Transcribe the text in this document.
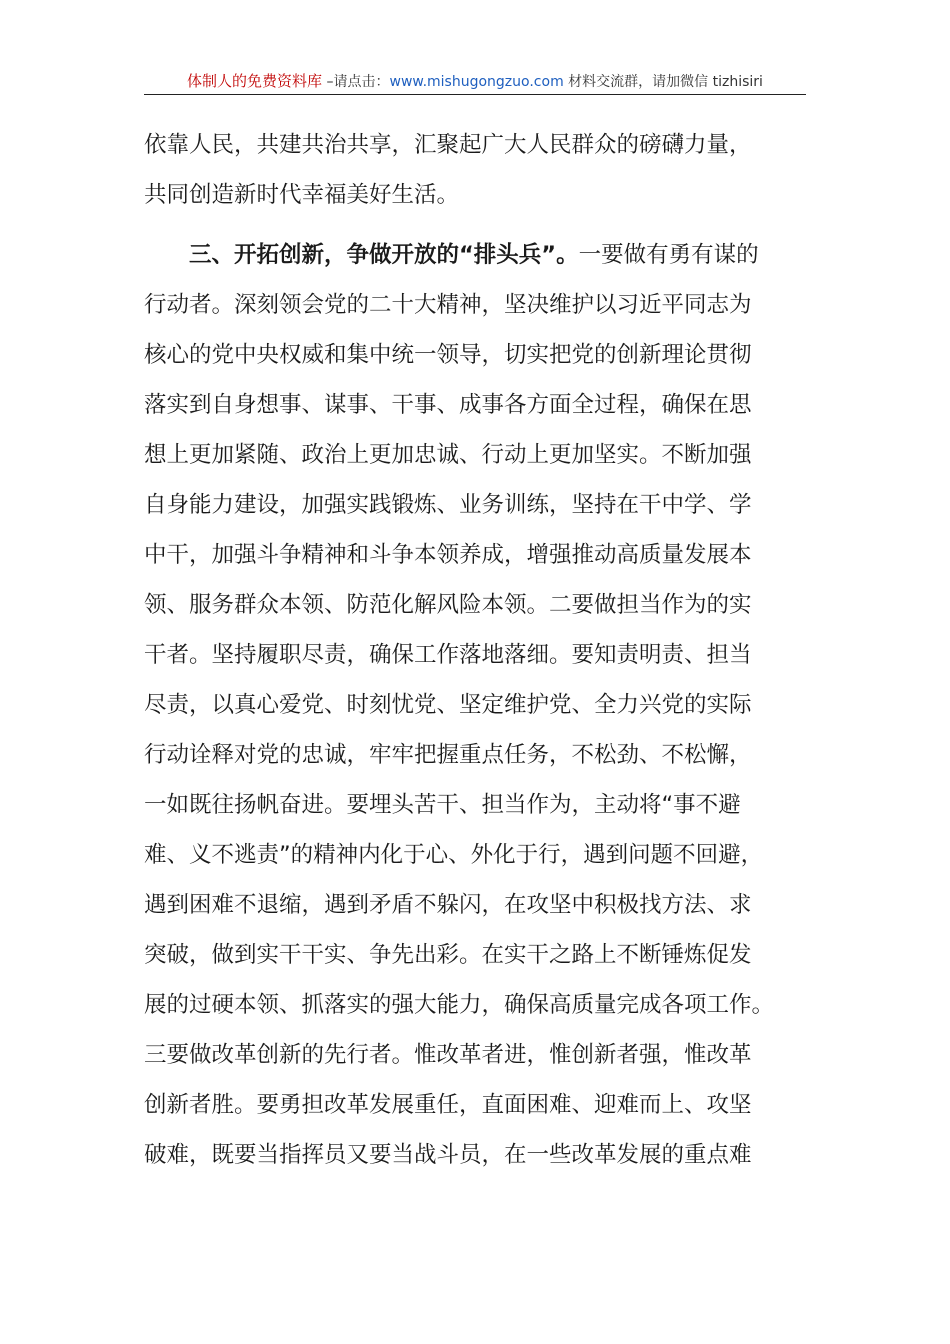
体制人的免费资料库 –请点击：www.mishugongzuo.com 材料交流群，请加微信 tizhisiri
依靠人民，共建共治共享，汇聚起广大人民群众的磅礴力量，
共同创造新时代幸福美好生活。
三、开拓创新，争做开放的“排头兵”。一要做有勇有谋的
行动者。深刻领会党的二十大精神，坚决维护以习近平同志为
核心的党中央权威和集中统一领导，切实把党的创新理论贯彻
落实到自身想事、谋事、干事、成事各方面全过程，确保在思
想上更加紧随、政治上更加忠诚、行动上更加坚实。不断加强
自身能力建设，加强实践锻炼、业务训练，坚持在干中学、学
中干，加强斗争精神和斗争本领养成，增强推动高质量发展本
领、服务群众本领、防范化解风险本领。二要做担当作为的实
干者。坚持履职尽责，确保工作落地落细。要知责明责、担当
尽责，以真心爱党、时刻忧党、坚定维护党、全力兴党的实际
行动诠释对党的忠诚，牢牢把握重点任务，不松劲、不松懈，
一如既往扬帆奋进。要埋头苦干、担当作为，主动将“事不避
难、义不逃责”的精神内化于心、外化于行，遇到问题不回避，
遇到困难不退缩，遇到矛盾不躲闪，在攻坚中积极找方法、求
突破，做到实干干实、争先出彩。在实干之路上不断锤炼促发
展的过硬本领、抓落实的强大能力，确保高质量完成各项工作。
三要做改革创新的先行者。惟改革者进，惟创新者强，惟改革
创新者胜。要勇担改革发展重任，直面困难、迎难而上、攻坚
破难，既要当指挥员又要当战斗员，在一些改革发展的重点难
